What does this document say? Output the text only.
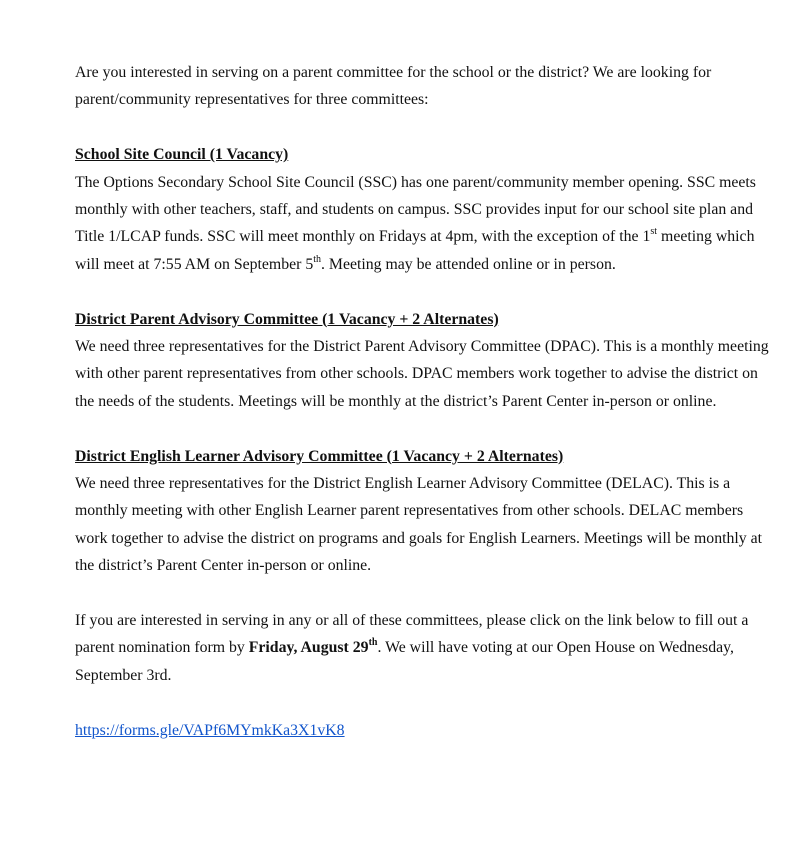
Are you interested in serving on a parent committee for the school or the district? We are looking for parent/community representatives for three committees:

School Site Council (1 Vacancy)
The Options Secondary School Site Council (SSC) has one parent/community member opening. SSC meets monthly with other teachers, staff, and students on campus. SSC provides input for our school site plan and Title 1/LCAP funds. SSC will meet monthly on Fridays at 4pm, with the exception of the 1st meeting which will meet at 7:55 AM on September 5th. Meeting may be attended online or in person.

District Parent Advisory Committee (1 Vacancy + 2 Alternates)
We need three representatives for the District Parent Advisory Committee (DPAC). This is a monthly meeting with other parent representatives from other schools. DPAC members work together to advise the district on the needs of the students. Meetings will be monthly at the district’s Parent Center in-person or online.

District English Learner Advisory Committee (1 Vacancy + 2 Alternates)
We need three representatives for the District English Learner Advisory Committee (DELAC). This is a monthly meeting with other English Learner parent representatives from other schools. DELAC members work together to advise the district on programs and goals for English Learners. Meetings will be monthly at the district’s Parent Center in-person or online.

If you are interested in serving in any or all of these committees, please click on the link below to fill out a parent nomination form by Friday, August 29th. We will have voting at our Open House on Wednesday, September 3rd.

https://forms.gle/VAPf6MYmkKa3X1vK8
